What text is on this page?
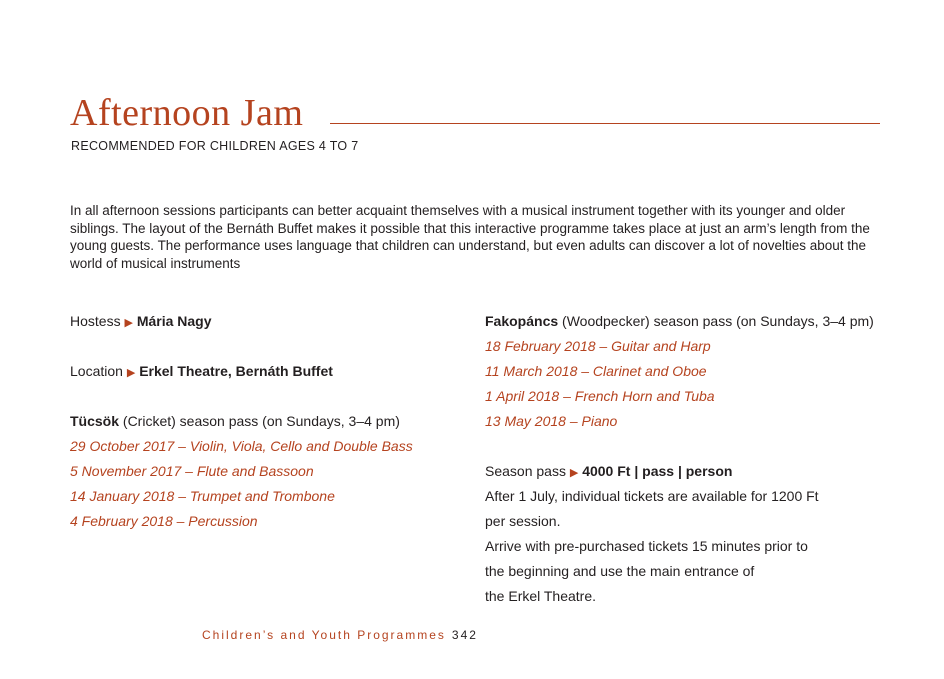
Afternoon Jam
RECOMMENDED FOR CHILDREN AGES 4 TO 7
In all afternoon sessions participants can better acquaint themselves with a musical instrument together with its younger and older siblings. The layout of the Bernáth Buffet makes it possible that this interactive programme takes place at just an arm’s length from the young guests. The performance uses language that children can understand, but even adults can discover a lot of novelties about the world of musical instruments
Hostess ▶ Mária Nagy
Location ▶ Erkel Theatre, Bernáth Buffet
Tücsök (Cricket) season pass (on Sundays, 3–4 pm)
29 October 2017 – Violin, Viola, Cello and Double Bass
5 November 2017 – Flute and Bassoon
14 January 2018 – Trumpet and Trombone
4 February 2018 – Percussion
Fakopáncs (Woodpecker) season pass (on Sundays, 3–4 pm)
18 February 2018 – Guitar and Harp
11 March 2018 – Clarinet and Oboe
1 April 2018 – French Horn and Tuba
13 May 2018 – Piano
Season pass ▶ 4000 Ft | pass | person
After 1 July, individual tickets are available for 1200 Ft
per session.
Arrive with pre-purchased tickets 15 minutes prior to
the beginning and use the main entrance of
the Erkel Theatre.
Children’s and Youth Programmes 342
